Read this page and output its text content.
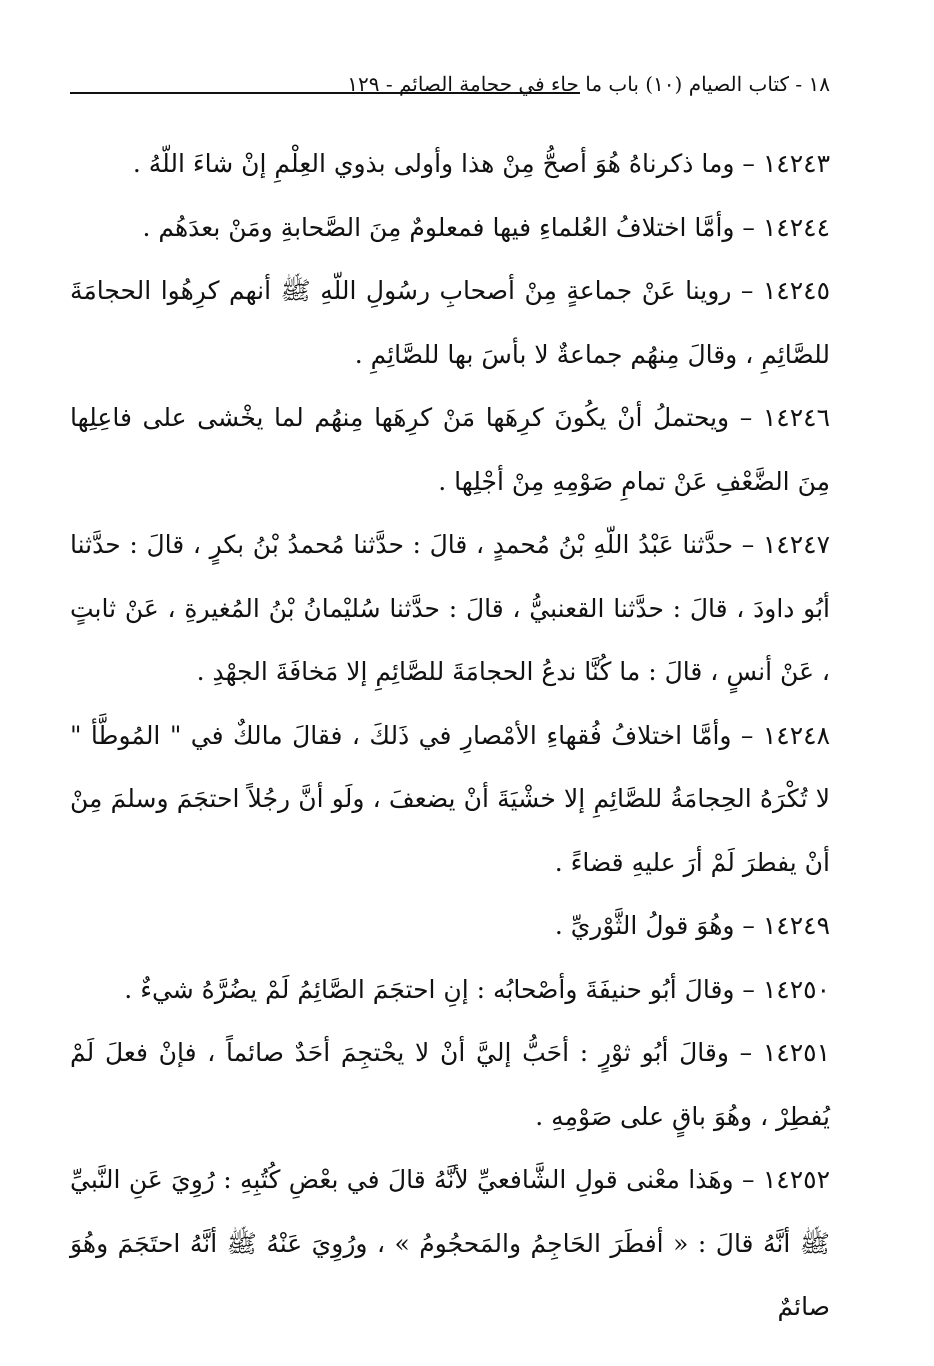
١٨ - كتاب الصيام (١٠) باب ما جاء في حجامة الصائم - ١٢٩

١٤٢٤٣ – وما ذكرناهُ هُوَ أصحُّ مِنْ هذا وأولى بذوي العِلْمِ إنْ شاءَ اللّهُ .

١٤٢٤٤ – وأمَّا اختلافُ العُلماءِ فيها فمعلومٌ مِنَ الصَّحابةِ ومَنْ بعدَهُم .

١٤٢٤٥ – روينا عَنْ جماعةٍ مِنْ أصحابِ رسُولِ اللّهِ ﷺ أنهم كرِهُوا الحجامَةَ للصَّائِمِ ، وقالَ مِنهُم جماعةٌ لا بأسَ بها للصَّائِمِ .

١٤٢٤٦ – ويحتملُ أنْ يكُونَ كرِهَها مَنْ كرِهَها مِنهُم لما يخْشى على فاعِلِها مِنَ الضَّعْفِ عَنْ تمامِ صَوْمِهِ مِنْ أجْلِها .

١٤٢٤٧ – حدَّثنا عَبْدُ اللّهِ بْنُ مُحمدٍ ، قالَ : حدَّثنا مُحمدُ بْنُ بكرٍ ، قالَ : حدَّثنا أبُو داودَ ، قالَ : حدَّثنا القعنبيُّ ، قالَ : حدَّثنا سُليْمانُ بْنُ المُغيرةِ ، عَنْ ثابتٍ ، عَنْ أنسٍ ، قالَ : ما كُنَّا ندعُ الحجامَةَ للصَّائِمِ إلا مَخافَةَ الجهْدِ .

١٤٢٤٨ – وأمَّا اختلافُ فُقهاءِ الأمْصارِ في ذَلكَ ، فقالَ مالكٌ في " المُوطَّأ " لا تُكْرَهُ الحِجامَةُ للصَّائِمِ إلا خشْيَةَ أنْ يضعفَ ، ولَو أنَّ رجُلاً احتجَمَ وسلمَ مِنْ أنْ يفطرَ لَمْ أرَ عليهِ قضاءً .

١٤٢٤٩ – وهُوَ قولُ الثَّوْريِّ .

١٤٢٥٠ – وقالَ أبُو حنيفَةَ وأصْحابُه : إنِ احتجَمَ الصَّائِمُ لَمْ يضُرَّهُ شيءٌ .

١٤٢٥١ – وقالَ أبُو ثوْرٍ : أحَبُّ إليَّ أنْ لا يحْتجِمَ أحَدٌ صائماً ، فإنْ فعلَ لَمْ يُفطِرْ ، وهُوَ باقٍ على صَوْمِهِ .

١٤٢٥٢ – وهَذا معْنى قولِ الشَّافعيِّ لأنَّهُ قالَ في بعْضِ كُتُبِهِ : رُوِيَ عَنِ النَّبيِّ ﷺ أنَّهُ قالَ : « أفطَرَ الحَاجِمُ والمَحجُومُ » ، ورُوِيَ عَنْهُ ﷺ أنَّهُ احتَجَمَ وهُوَ صائمٌ
